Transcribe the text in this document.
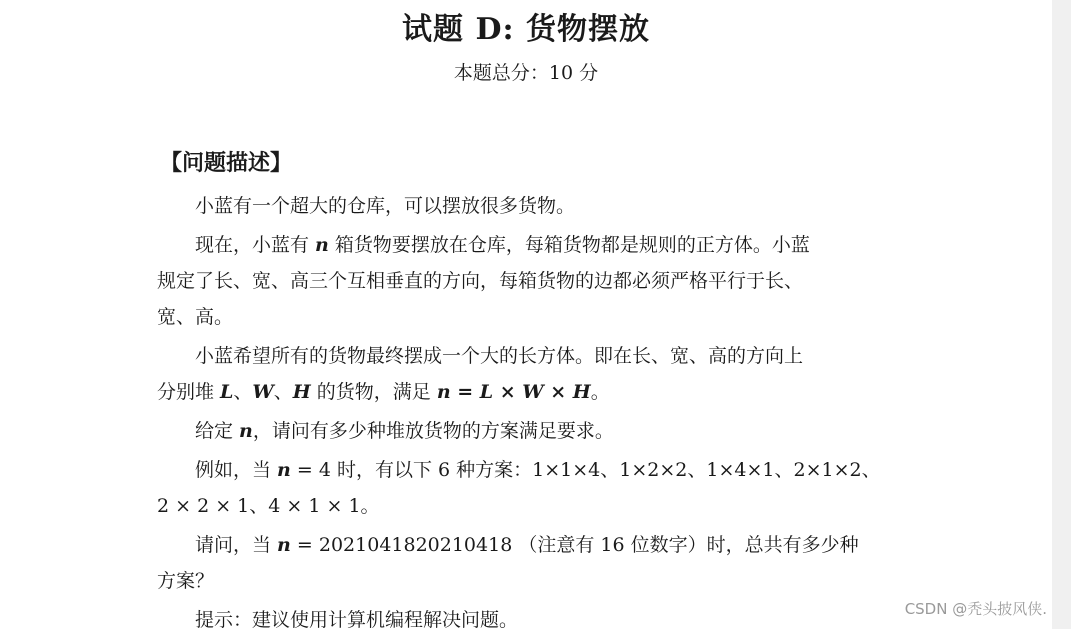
试题 D: 货物摆放
本题总分：10 分
【问题描述】

小蓝有一个超大的仓库，可以摆放很多货物。

现在，小蓝有 n 箱货物要摆放在仓库，每箱货物都是规则的正方体。小蓝
规定了长、宽、高三个互相垂直的方向，每箱货物的边都必须严格平行于长、
宽、高。

小蓝希望所有的货物最终摆成一个大的长方体。即在长、宽、高的方向上
分别堆 L、W、H 的货物，满足 n = L × W × H。

给定 n，请问有多少种堆放货物的方案满足要求。

例如，当 n = 4 时，有以下 6 种方案：1×1×4、1×2×2、1×4×1、2×1×2、
2 × 2 × 1、4 × 1 × 1。

请问，当 n = 2021041820210418 （注意有 16 位数字）时，总共有多少种
方案？

提示：建议使用计算机编程解决问题。	CSDN @秃头披风侠.
